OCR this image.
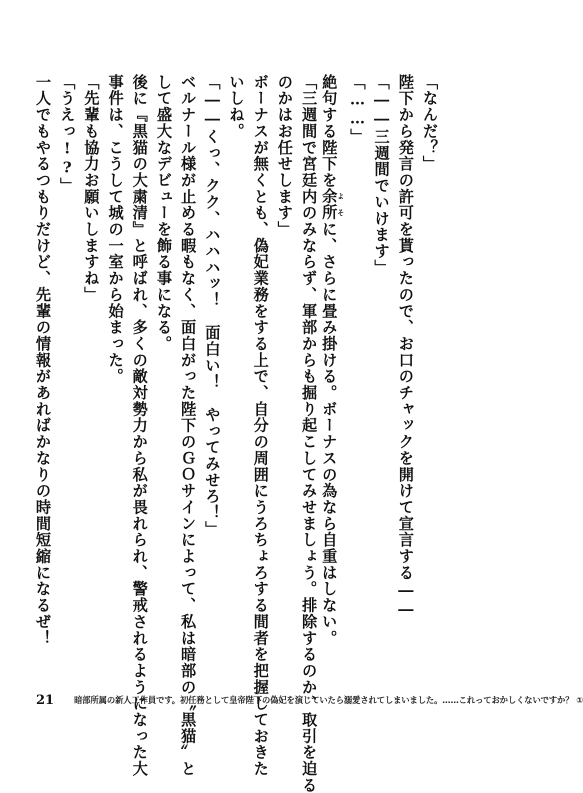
「なんだ？」
陛下から発言の許可を貰ったので、お口のチャックを開けて宣言する――
「――三週間でいけます」
「……」
絶句する陛下を余所よそに、さらに畳み掛ける。ボーナスの為なら自重はしない。
「三週間で宮廷内のみならず、軍部からも掘り起こしてみせましょう。排除するのか、取引を迫る
のかはお任せします」
ボーナスが無くとも、偽妃業務をする上で、自分の周囲にうろちょろする間者を把握しておきた
いしね。
「――くっ、クク、ハハハッ！　面白い！　やってみせろ！」
ベルナール様が止める暇もなく、面白がった陛下のＧＯサインによって、私は暗部の〝黒猫〟と
して盛大なデビューを飾る事になる。
後に『黒猫の大粛清』と呼ばれ、多くの敵対勢力から私が畏れられ、警戒されるようになった大
事件は、こうして城の一室から始まった。
「先輩も協力お願いしますね」
「うえっ!?」
一人でもやるつもりだけど、先輩の情報があればかなりの時間短縮になるぜ！
21 暗部所属の新人工作員です。初任務として皇帝陛下の偽妃を演じていたら溺愛されてしまいました。……これっておかしくないですか？ ①
